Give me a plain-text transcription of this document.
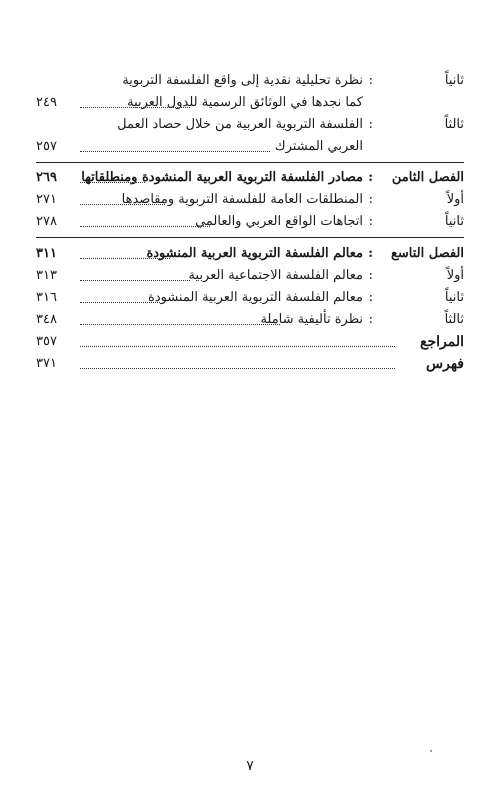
ثانياً
:
نظرة تحليلية نقدية إلى واقع الفلسفة التربوية
كما نجدها في الوثائق الرسمية للدول العربية
٢٤٩
ثالثاً
:
الفلسفة التربوية العربية من خلال حصاد العمل
العربي المشترك
٢٥٧
الفصل الثامن
:
مصادر الفلسفة التربوية العربية المنشودة ومنطلقاتها
٢٦٩
أولاً
:
المنطلقات العامة للفلسفة التربوية ومقاصدها
٢٧١
ثانياً
:
اتجاهات الواقع العربي والعالمي
٢٧٨
الفصل التاسع
:
معالم الفلسفة التربوية العربية المنشودة
٣١١
أولاً
:
معالم الفلسفة الاجتماعية العربية
٣١٣
ثانياً
:
معالم الفلسفة التربوية العربية المنشودة
٣١٦
ثالثاً
:
نظرة تأليفية شاملة
٣٤٨
المراجع
٣٥٧
فهرس
٣٧١
٧
